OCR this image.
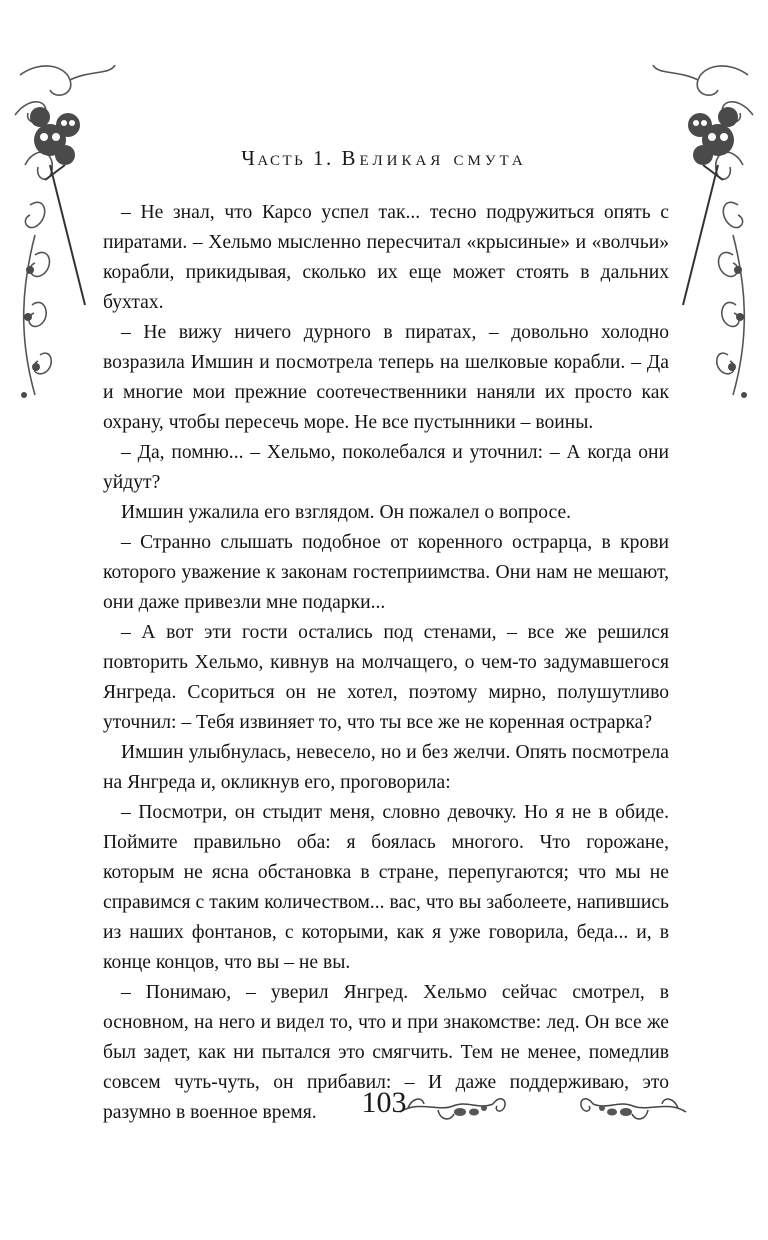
Часть 1. Великая смута

– Не знал, что Карсо успел так... тесно подружиться опять с пиратами. – Хельмо мысленно пересчитал «крысиные» и «волчьи» корабли, прикидывая, сколько их еще может стоять в дальних бухтах.

– Не вижу ничего дурного в пиратах, – довольно холодно возразила Имшин и посмотрела теперь на шелковые корабли. – Да и многие мои прежние соотечественники наняли их просто как охрану, чтобы пересечь море. Не все пустынники – воины.

– Да, помню... – Хельмо, поколебался и уточнил: – А когда они уйдут?

Имшин ужалила его взглядом. Он пожалел о вопросе.

– Странно слышать подобное от коренного острарца, в крови которого уважение к законам гостеприимства. Они нам не мешают, они даже привезли мне подарки...

– А вот эти гости остались под стенами, – все же решился повторить Хельмо, кивнув на молчащего, о чем-то задумавшегося Янгреда. Ссориться он не хотел, поэтому мирно, полушутливо уточнил: – Тебя извиняет то, что ты все же не коренная острарка?

Имшин улыбнулась, невесело, но и без желчи. Опять посмотрела на Янгреда и, окликнув его, проговорила:

– Посмотри, он стыдит меня, словно девочку. Но я не в обиде. Поймите правильно оба: я боялась многого. Что горожане, которым не ясна обстановка в стране, перепугаются; что мы не справимся с таким количеством... вас, что вы заболеете, напившись из наших фонтанов, с которыми, как я уже говорила, беда... и, в конце концов, что вы – не вы.

– Понимаю, – уверил Янгред. Хельмо сейчас смотрел, в основном, на него и видел то, что и при знакомстве: лед. Он все же был задет, как ни пытался это смягчить. Тем не менее, помедлив совсем чуть-чуть, он прибавил: – И даже поддерживаю, это разумно в военное время.	103
